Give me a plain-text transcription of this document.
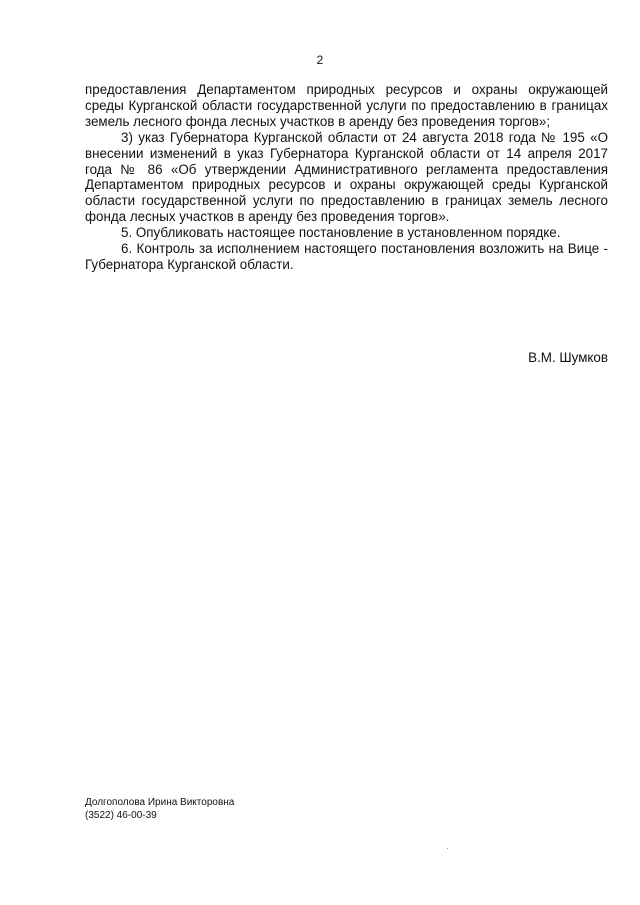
2

предоставления Департаментом природных ресурсов и охраны окружающей среды Курганской области государственной услуги по предоставлению в границах земель лесного фонда лесных участков в аренду без проведения торгов»;

3) указ Губернатора Курганской области от 24 августа 2018 года № 195 «О внесении изменений в указ Губернатора Курганской области от 14 апреля 2017 года № 86 «Об утверждении Административного регламента предоставления Департаментом природных ресурсов и охраны окружающей среды Курганской области государственной услуги по предоставлению в границах земель лесного фонда лесных участков в аренду без проведения торгов».

5. Опубликовать настоящее постановление в установленном порядке.

6. Контроль за исполнением настоящего постановления возложить на Вице - Губернатора Курганской области.

В.М. Шумков
Долгополова Ирина Викторовна
(3522) 46-00-39
